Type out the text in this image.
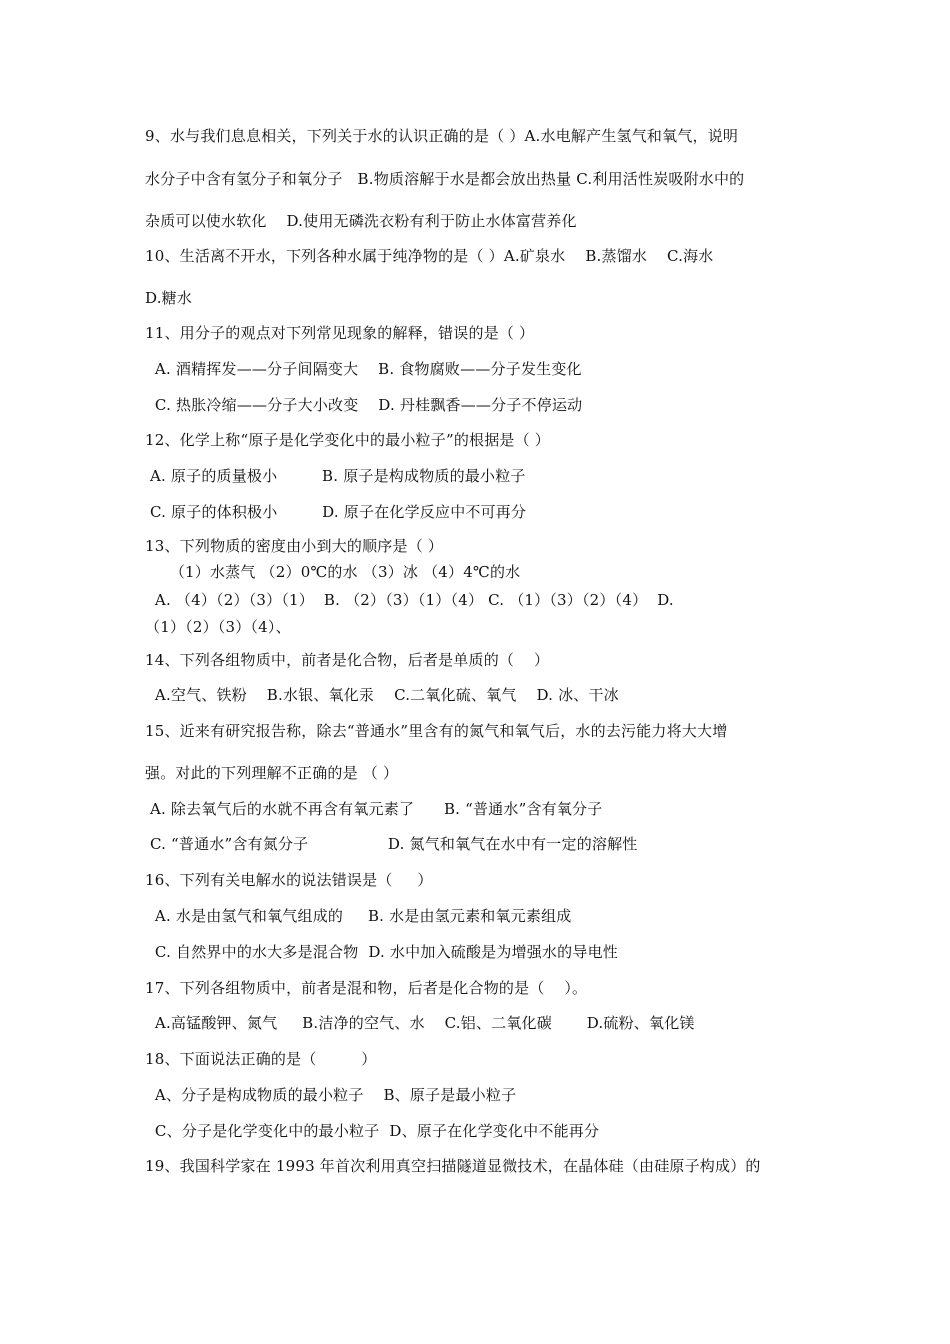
9、水与我们息息相关，下列关于水的认识正确的是（ ）A.水电解产生氢气和氧气，说明
水分子中含有氢分子和氧分子   B.物质溶解于水是都会放出热量 C.利用活性炭吸附水中的
杂质可以使水软化    D.使用无磷洗衣粉有利于防止水体富营养化
10、生活离不开水，下列各种水属于纯净物的是（ ）A.矿泉水    B.蒸馏水    C.海水
D.糖水
11、用分子的观点对下列常见现象的解释，错误的是（ ）
A. 酒精挥发——分子间隔变大    B. 食物腐败——分子发生变化
C. 热胀冷缩——分子大小改变    D. 丹桂飘香——分子不停运动
12、化学上称“原子是化学变化中的最小粒子”的根据是（ ）
A. 原子的质量极小         B. 原子是构成物质的最小粒子
C. 原子的体积极小         D. 原子在化学反应中不可再分
13、下列物质的密度由小到大的顺序是（ ）
（1）水蒸气 （2）0℃的水 （3）冰 （4）4℃的水
A. （4）（2）（3）（1）  B. （2）（3）（1）（4） C. （1）（3）（2）（4）  D.
（1）（2）（3）（4）、
14、下列各组物质中，前者是化合物，后者是单质的（    ）
A.空气、铁粉    B.水银、氧化汞    C.二氧化硫、氧气    D. 冰、干冰
15、近来有研究报告称，除去“普通水”里含有的氮气和氧气后，水的去污能力将大大增
强。对此的下列理解不正确的是 （ ）
A. 除去氧气后的水就不再含有氧元素了      B. “普通水”含有氧分子
C. “普通水”含有氮分子                D. 氮气和氧气在水中有一定的溶解性
16、下列有关电解水的说法错误是（     ）
A. 水是由氢气和氧气组成的     B. 水是由氢元素和氧元素组成
C. 自然界中的水大多是混合物  D. 水中加入硫酸是为增强水的导电性
17、下列各组物质中，前者是混和物，后者是化合物的是（    ）。
A.高锰酸钾、氮气     B.洁净的空气、水    C.铝、二氧化碳       D.硫粉、氧化镁
18、下面说法正确的是（         ）
A、分子是构成物质的最小粒子    B、原子是最小粒子
C、分子是化学变化中的最小粒子  D、原子在化学变化中不能再分
19、我国科学家在 1993 年首次利用真空扫描隧道显微技术，在晶体硅（由硅原子构成）的
